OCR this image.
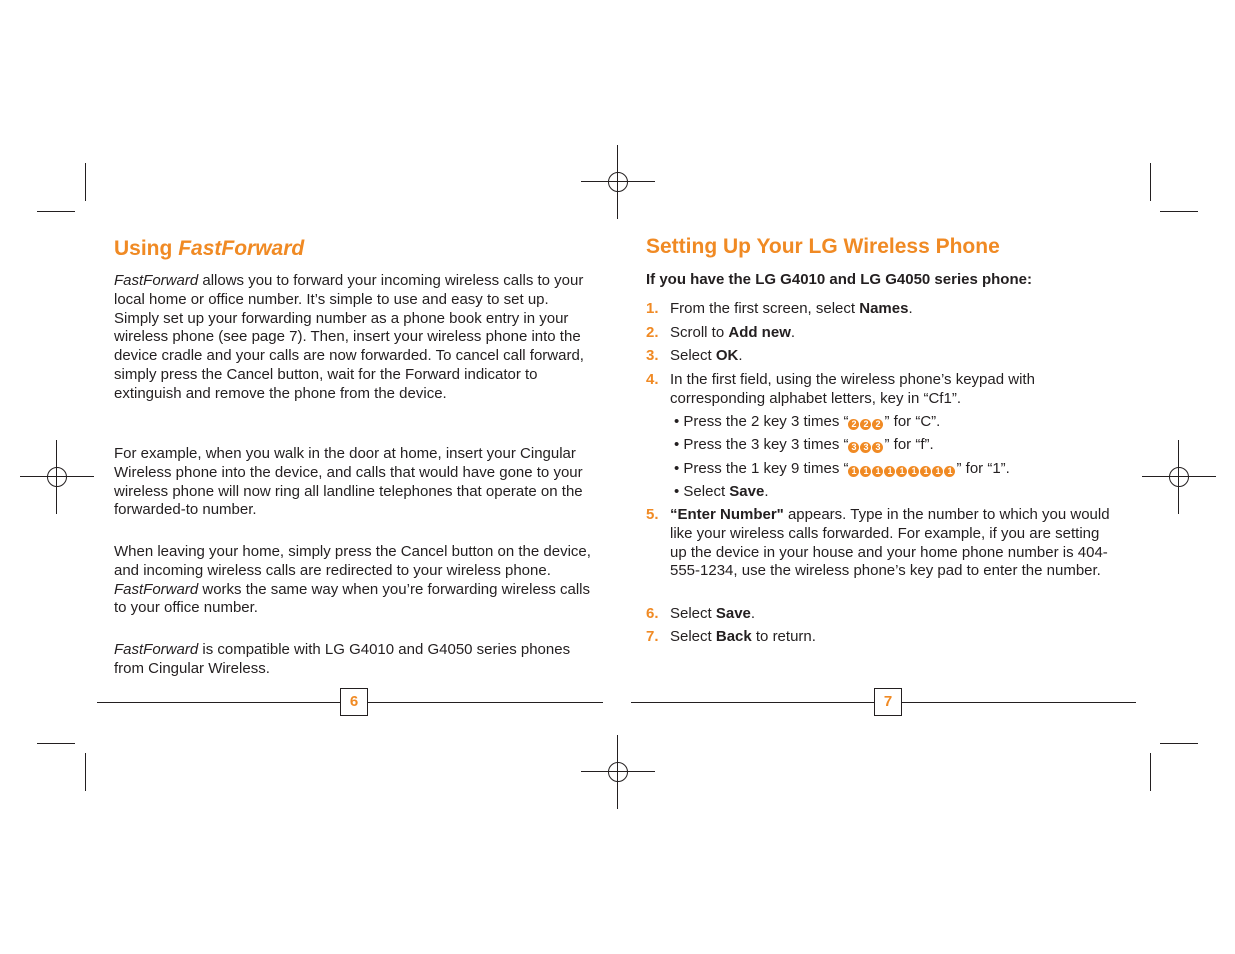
Using FastForward

FastForward allows you to forward your incoming wireless calls to your local home or office number. It’s simple to use and easy to set up. Simply set up your forwarding number as a phone book entry in your wireless phone (see page 7). Then, insert your wireless phone into the device cradle and your calls are now forwarded. To cancel call forward, simply press the Cancel button, wait for the Forward indicator to extinguish and remove the phone from the device.

For example, when you walk in the door at home, insert your Cingular Wireless phone into the device, and calls that would have gone to your wireless phone will now ring all landline telephones that operate on the forwarded-to number.

When leaving your home, simply press the Cancel button on the device, and incoming wireless calls are redirected to your wireless phone. FastForward works the same way when you’re forwarding wireless calls to your office number.

FastForward is compatible with LG G4010 and G4050 series phones from Cingular Wireless.

6
Setting Up Your LG Wireless Phone

If you have the LG G4010 and LG G4050 series phone:

1. From the first screen, select Names.
2. Scroll to Add new.
3. Select OK.
4. In the first field, using the wireless phone’s keypad with corresponding alphabet letters, key in “Cf1”.
• Press the 2 key 3 times “ 2 2 2 ” for “C”.
• Press the 3 key 3 times “ 3 3 3 ” for “f”.
• Press the 1 key 9 times “ 1 1 1 1 1 1 1 1 1 ” for “1”.
• Select Save.
5. “Enter Number" appears. Type in the number to which you would like your wireless calls forwarded. For example, if you are setting up the device in your house and your home phone number is 404-555-1234, use the wireless phone’s key pad to enter the number.
6. Select Save.
7. Select Back to return.
7
